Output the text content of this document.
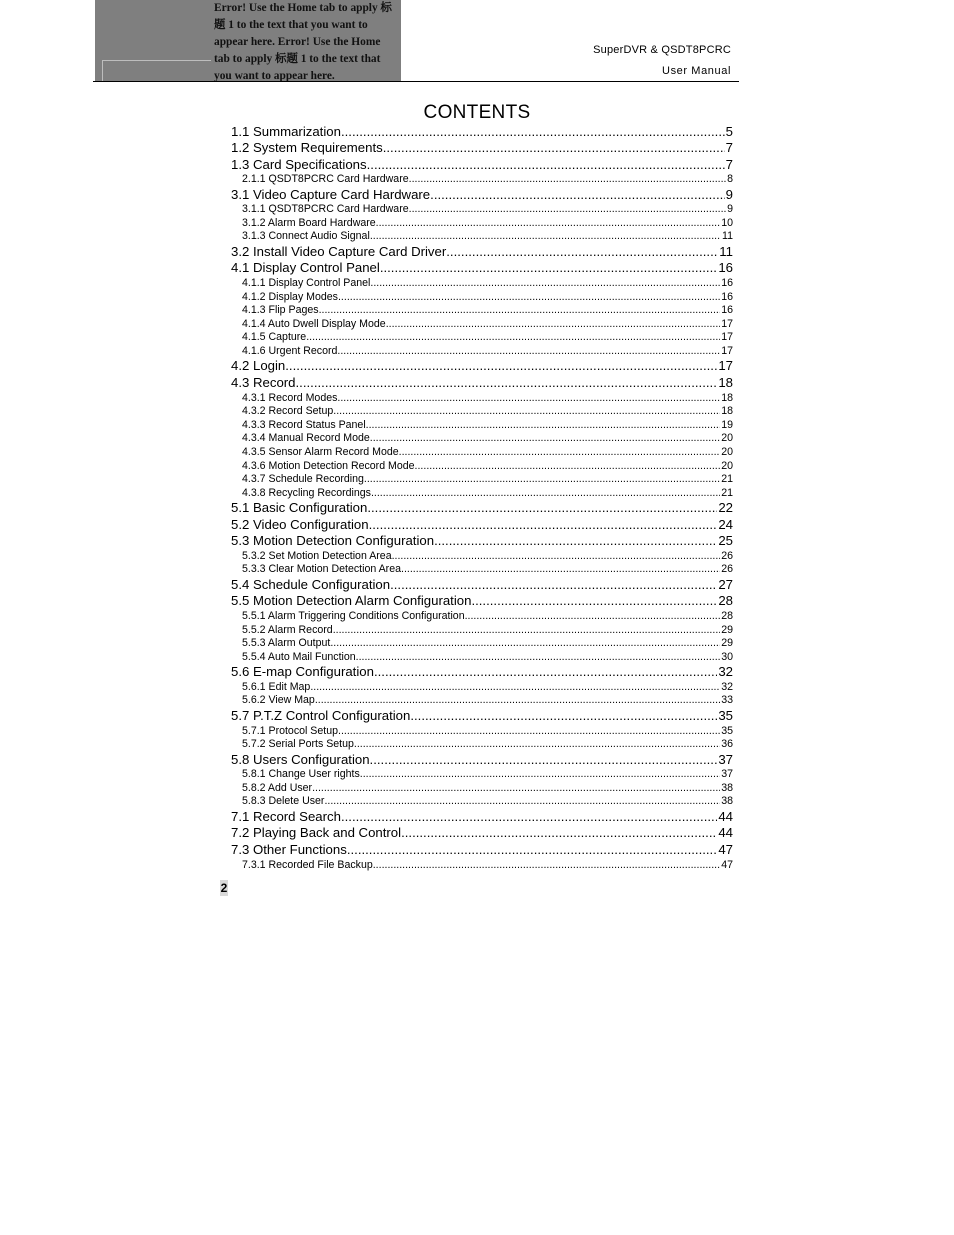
Error! Use the Home tab to apply 标题 1 to the text that you want to appear here. Error! Use the Home tab to apply 标题 1 to the text that you want to appear here.
SuperDVR & QSDT8PCRC
User Manual
CONTENTS
1.1 Summarization .....	5
1.2 System Requirements .....	7
1.3 Card Specifications .....	7
2.1.1 QSDT8PCRC Card Hardware .....	8
3.1 Video Capture Card Hardware .....	9
3.1.1 QSDT8PCRC Card Hardware .....	9
3.1.2 Alarm Board Hardware .....	10
3.1.3 Connect Audio Signal .....	11
3.2 Install Video Capture Card Driver .....	11
4.1 Display Control Panel .....	16
4.1.1 Display Control Panel .....	16
4.1.2 Display Modes .....	16
4.1.3 Flip Pages .....	16
4.1.4 Auto Dwell Display Mode .....	17
4.1.5 Capture .....	17
4.1.6 Urgent Record .....	17
4.2 Login .....	17
4.3 Record .....	18
4.3.1 Record Modes .....	18
4.3.2 Record Setup .....	18
4.3.3 Record Status Panel .....	19
4.3.4 Manual Record Mode .....	20
4.3.5 Sensor Alarm Record Mode .....	20
4.3.6 Motion Detection Record Mode .....	20
4.3.7 Schedule Recording .....	21
4.3.8 Recycling Recordings .....	21
5.1 Basic Configuration .....	22
5.2 Video Configuration .....	24
5.3 Motion Detection Configuration .....	25
5.3.2 Set Motion Detection Area .....	26
5.3.3 Clear Motion Detection Area .....	26
5.4 Schedule Configuration .....	27
5.5 Motion Detection Alarm Configuration .....	28
5.5.1 Alarm Triggering Conditions Configuration .....	28
5.5.2 Alarm Record .....	29
5.5.3 Alarm Output .....	29
5.5.4 Auto Mail Function .....	30
5.6 E-map Configuration .....	32
5.6.1 Edit Map .....	32
5.6.2 View Map .....	33
5.7 P.T.Z Control Configuration .....	35
5.7.1 Protocol Setup .....	35
5.7.2 Serial Ports Setup .....	36
5.8 Users Configuration .....	37
5.8.1 Change User rights .....	37
5.8.2 Add User .....	38
5.8.3 Delete User .....	38
7.1 Record Search .....	44
7.2 Playing Back and Control .....	44
7.3 Other Functions .....	47
7.3.1 Recorded File Backup .....	47
2
